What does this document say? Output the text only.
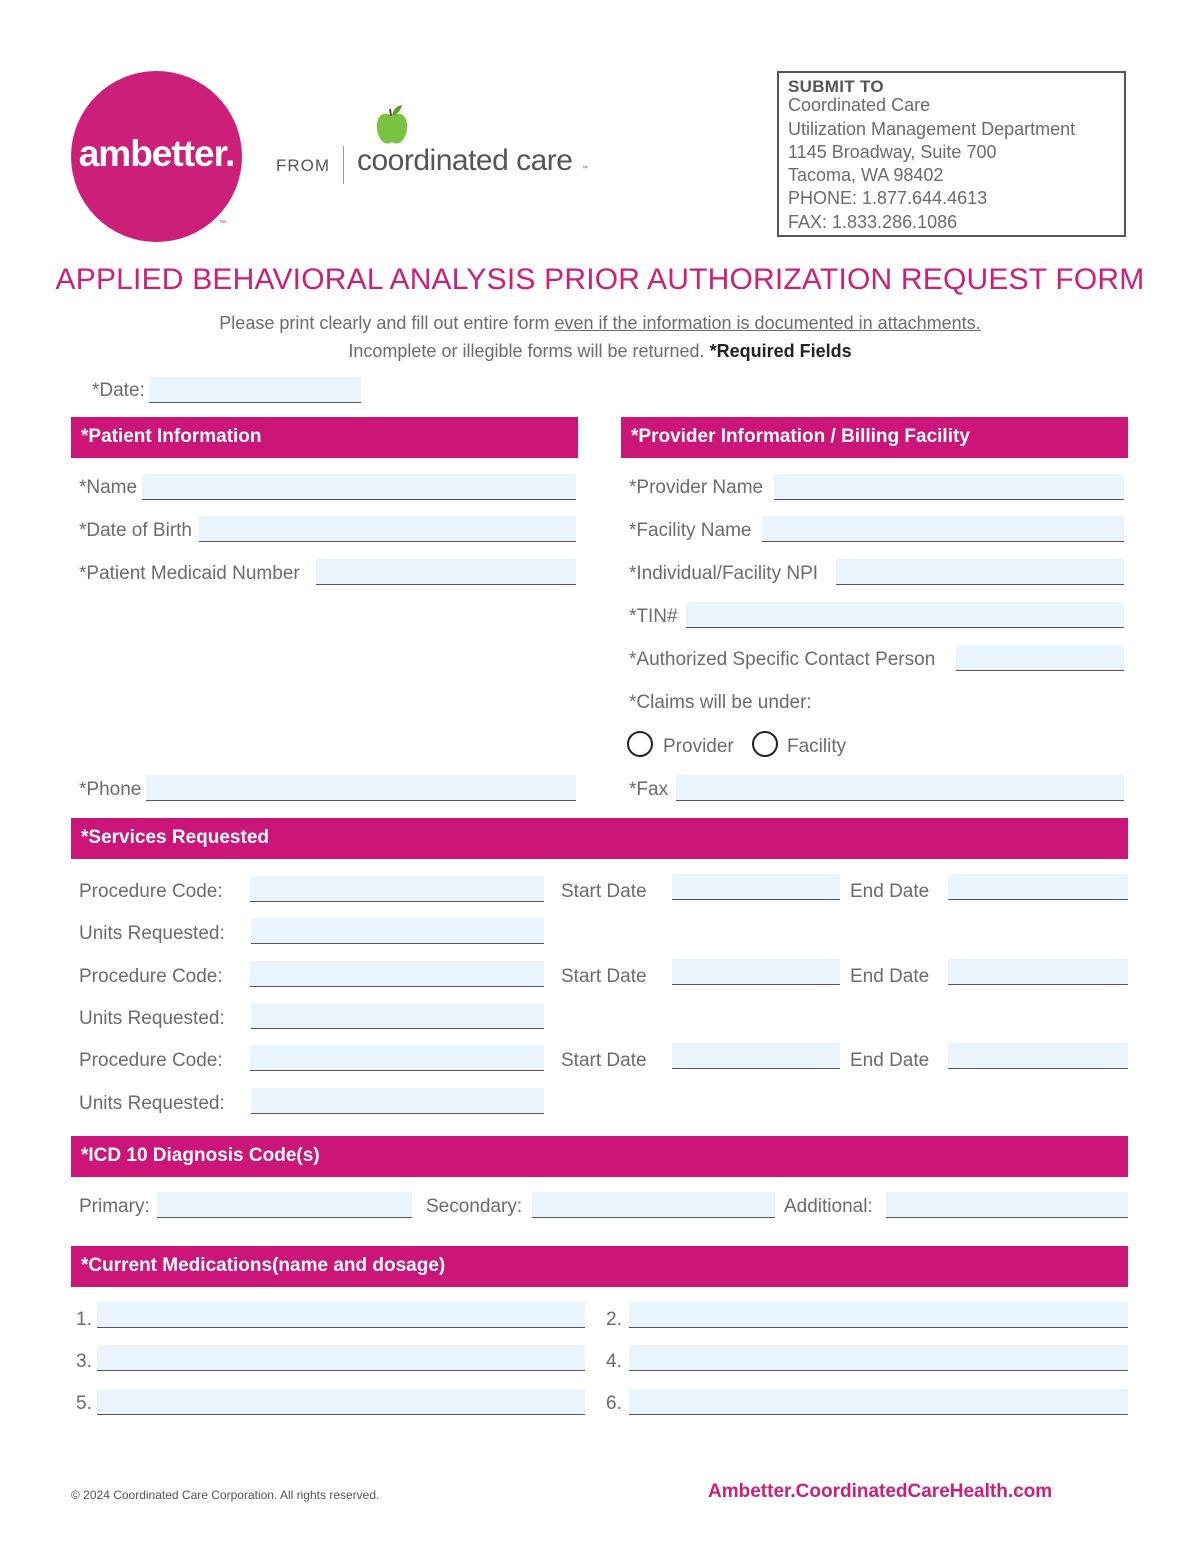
ambetter.
™
FROM coordinated care ™
SUBMIT TO
Coordinated Care
Utilization Management Department
1145 Broadway, Suite 700
Tacoma, WA 98402
PHONE: 1.877.644.4613
FAX: 1.833.286.1086
APPLIED BEHAVIORAL ANALYSIS PRIOR AUTHORIZATION REQUEST FORM
Please print clearly and fill out entire form even if the information is documented in attachments.
Incomplete or illegible forms will be returned. *Required Fields
*Date:
*Patient Information	*Provider Information / Billing Facility
*Name
*Date of Birth
*Patient Medicaid Number
*Phone
*Provider Name
*Facility Name
*Individual/Facility NPI
*TIN#
*Authorized Specific Contact Person
*Claims will be under:
Provider	Facility
*Fax
*Services Requested
Procedure Code:	Start Date	End Date
Units Requested:
Procedure Code:	Start Date	End Date
Units Requested:
Procedure Code:	Start Date	End Date
Units Requested:
*ICD 10 Diagnosis Code(s)
Primary:	Secondary:	Additional:
*Current Medications(name and dosage)
1.	2.
3.	4.
5.	6.
© 2024 Coordinated Care Corporation. All rights reserved.	Ambetter.CoordinatedCareHealth.com
